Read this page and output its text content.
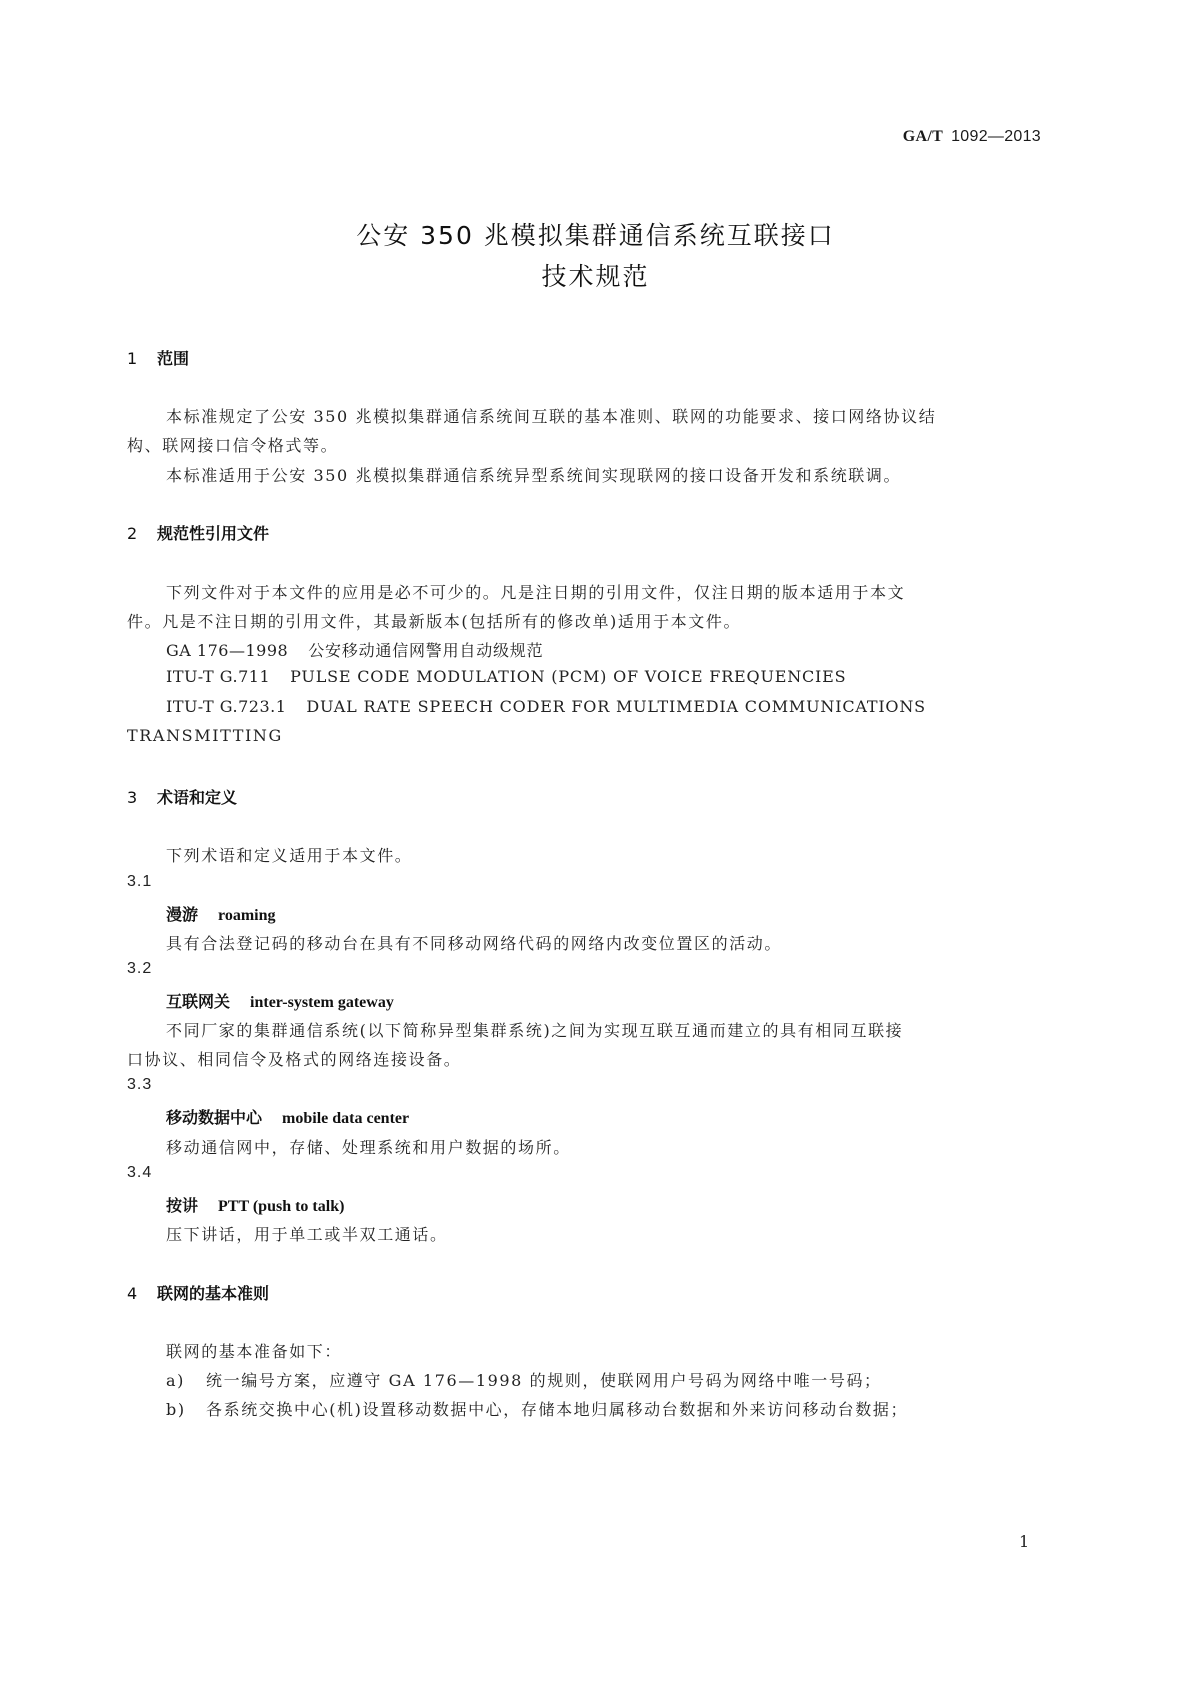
GA/T 1092—2013
公安 350 兆模拟集群通信系统互联接口
技术规范
1 范围
本标准规定了公安 350 兆模拟集群通信系统间互联的基本准则、联网的功能要求、接口网络协议结
构、联网接口信令格式等。
本标准适用于公安 350 兆模拟集群通信系统异型系统间实现联网的接口设备开发和系统联调。
2 规范性引用文件
下列文件对于本文件的应用是必不可少的。凡是注日期的引用文件，仅注日期的版本适用于本文
件。凡是不注日期的引用文件，其最新版本(包括所有的修改单)适用于本文件。
GA 176—1998 公安移动通信网警用自动级规范
ITU-T G.711 PULSE CODE MODULATION (PCM) OF VOICE FREQUENCIES
ITU-T G.723.1 DUAL RATE SPEECH CODER FOR MULTIMEDIA COMMUNICATIONS
TRANSMITTING
3 术语和定义
下列术语和定义适用于本文件。
3.1
漫游 roaming
具有合法登记码的移动台在具有不同移动网络代码的网络内改变位置区的活动。
3.2
互联网关 inter-system gateway
不同厂家的集群通信系统(以下简称异型集群系统)之间为实现互联互通而建立的具有相同互联接
口协议、相同信令及格式的网络连接设备。
3.3
移动数据中心 mobile data center
移动通信网中，存储、处理系统和用户数据的场所。
3.4
按讲 PTT (push to talk)
压下讲话，用于单工或半双工通话。
4 联网的基本准则
联网的基本准备如下：
a) 统一编号方案，应遵守 GA 176—1998 的规则，使联网用户号码为网络中唯一号码；
b) 各系统交换中心(机)设置移动数据中心，存储本地归属移动台数据和外来访问移动台数据；
1
